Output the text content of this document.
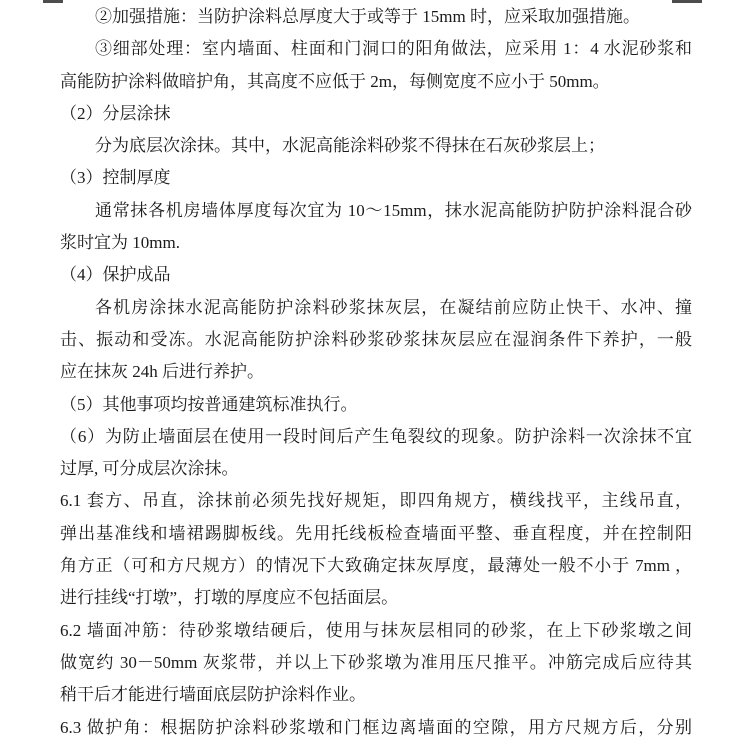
②加强措施：当防护涂料总厚度大于或等于 15mm 时，应采取加强措施。
③细部处理：室内墙面、柱面和门洞口的阳角做法，应采用 1：4 水泥砂浆和
高能防护涂料做暗护角，其高度不应低于 2m，每侧宽度不应小于 50mm。
（2）分层涂抹
分为底层次涂抹。其中，水泥高能涂料砂浆不得抹在石灰砂浆层上；
（3）控制厚度
通常抹各机房墙体厚度每次宜为 10～15mm，抹水泥高能防护防护涂料混合砂
浆时宜为 10mm.
（4）保护成品
各机房涂抹水泥高能防护涂料砂浆抹灰层，在凝结前应防止快干、水冲、撞
击、振动和受冻。水泥高能防护涂料砂浆砂浆抹灰层应在湿润条件下养护，一般
应在抹灰 24h 后进行养护。
（5）其他事项均按普通建筑标准执行。
（6）为防止墙面层在使用一段时间后产生龟裂纹的现象。防护涂料一次涂抹不宜
过厚, 可分成层次涂抹。
6.1 套方、吊直，涂抹前必须先找好规矩，即四角规方，横线找平，主线吊直，
弹出基准线和墙裙踢脚板线。先用托线板检查墙面平整、垂直程度，并在控制阳
角方正（可和方尺规方）的情况下大致确定抹灰厚度，最薄处一般不小于 7mm ，
进行挂线“打墩”，打墩的厚度应不包括面层。
6.2 墙面冲筋：待砂浆墩结硬后，使用与抹灰层相同的砂浆，在上下砂浆墩之间
做宽约 30－50mm 灰浆带，并以上下砂浆墩为准用压尺推平。冲筋完成后应待其
稍干后才能进行墙面底层防护涂料作业。
6.3 做护角：根据防护涂料砂浆墩和门框边离墙面的空隙，用方尺规方后，分别
